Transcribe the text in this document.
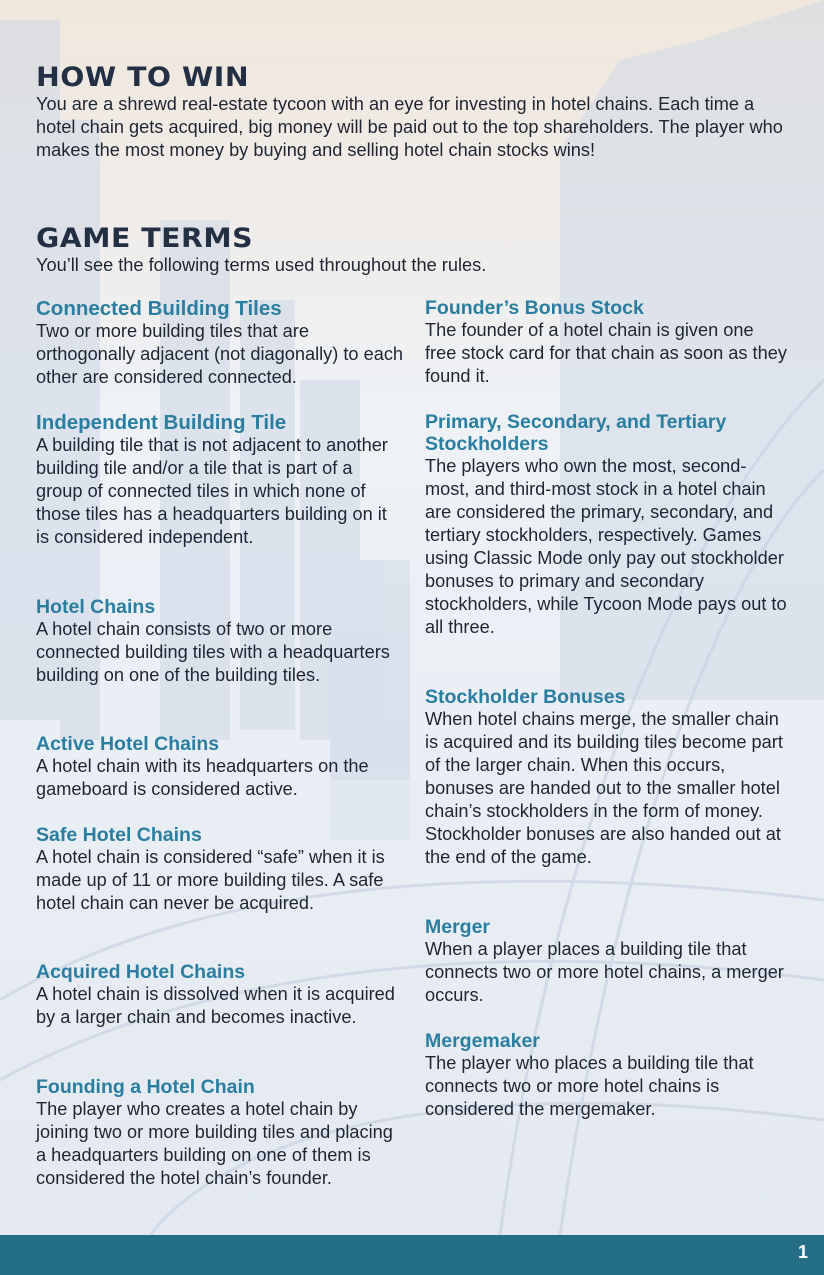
HOW TO WIN

You are a shrewd real-estate tycoon with an eye for investing in hotel chains. Each time a hotel chain gets acquired, big money will be paid out to the top shareholders. The player who makes the most money by buying and selling hotel chain stocks wins!

GAME TERMS

You’ll see the following terms used throughout the rules.

Connected Building Tiles

Two or more building tiles that are orthogonally adjacent (not diagonally) to each other are considered connected.

Independent Building Tile

A building tile that is not adjacent to another building tile and/or a tile that is part of a group of connected tiles in which none of those tiles has a headquarters building on it is considered independent.

Hotel Chains

A hotel chain consists of two or more connected building tiles with a headquarters building on one of the building tiles.

Active Hotel Chains

A hotel chain with its headquarters on the gameboard is considered active.

Safe Hotel Chains

A hotel chain is considered “safe” when it is made up of 11 or more building tiles. A safe hotel chain can never be acquired.

Acquired Hotel Chains

A hotel chain is dissolved when it is acquired by a larger chain and becomes inactive.

Founding a Hotel Chain

The player who creates a hotel chain by joining two or more building tiles and placing a headquarters building on one of them is considered the hotel chain’s founder.

Founder’s Bonus Stock

The founder of a hotel chain is given one free stock card for that chain as soon as they found it.

Primary, Secondary, and Tertiary Stockholders

The players who own the most, second-most, and third-most stock in a hotel chain are considered the primary, secondary, and tertiary stockholders, respectively. Games using Classic Mode only pay out stockholder bonuses to primary and secondary stockholders, while Tycoon Mode pays out to all three.

Stockholder Bonuses

When hotel chains merge, the smaller chain is acquired and its building tiles become part of the larger chain. When this occurs, bonuses are handed out to the smaller hotel chain’s stockholders in the form of money. Stockholder bonuses are also handed out at the end of the game.

Merger

When a player places a building tile that connects two or more hotel chains, a merger occurs.

Mergemaker

The player who places a building tile that connects two or more hotel chains is considered the mergemaker.

1
